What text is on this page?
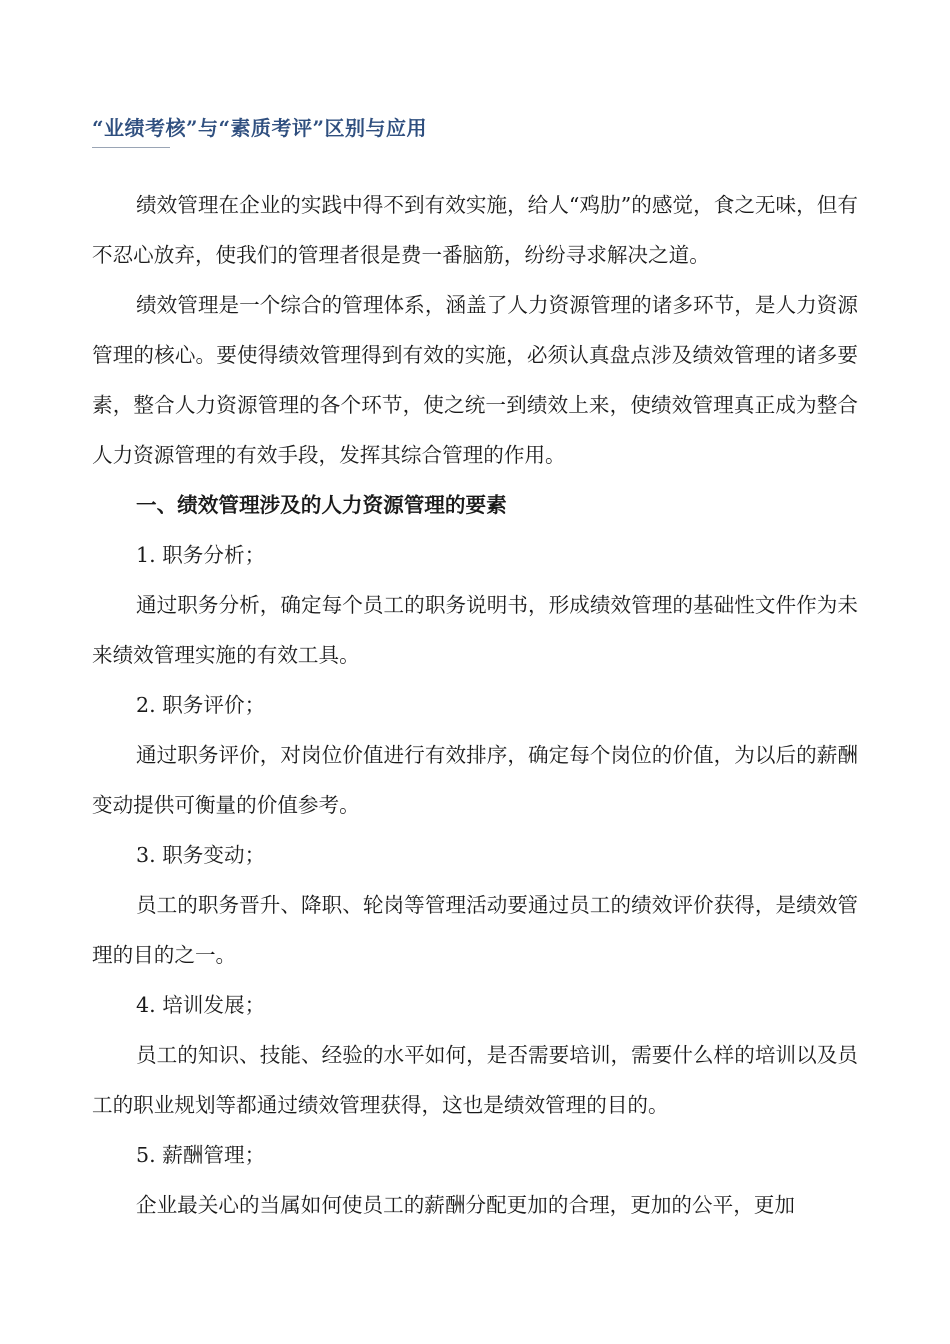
“业绩考核”与“素质考评”区别与应用

绩效管理在企业的实践中得不到有效实施，给人“鸡肋”的感觉，食之无味，但有不忍心放弃，使我们的管理者很是费一番脑筋，纷纷寻求解决之道。

绩效管理是一个综合的管理体系，涵盖了人力资源管理的诸多环节，是人力资源管理的核心。要使得绩效管理得到有效的实施，必须认真盘点涉及绩效管理的诸多要素，整合人力资源管理的各个环节，使之统一到绩效上来，使绩效管理真正成为整合人力资源管理的有效手段，发挥其综合管理的作用。

一、绩效管理涉及的人力资源管理的要素

1. 职务分析；

通过职务分析，确定每个员工的职务说明书，形成绩效管理的基础性文件作为未来绩效管理实施的有效工具。

2. 职务评价；

通过职务评价，对岗位价值进行有效排序，确定每个岗位的价值，为以后的薪酬变动提供可衡量的价值参考。

3. 职务变动；

员工的职务晋升、降职、轮岗等管理活动要通过员工的绩效评价获得，是绩效管理的目的之一。

4. 培训发展；

员工的知识、技能、经验的水平如何，是否需要培训，需要什么样的培训以及员工的职业规划等都通过绩效管理获得，这也是绩效管理的目的。

5. 薪酬管理；

企业最关心的当属如何使员工的薪酬分配更加的合理，更加的公平，更加
